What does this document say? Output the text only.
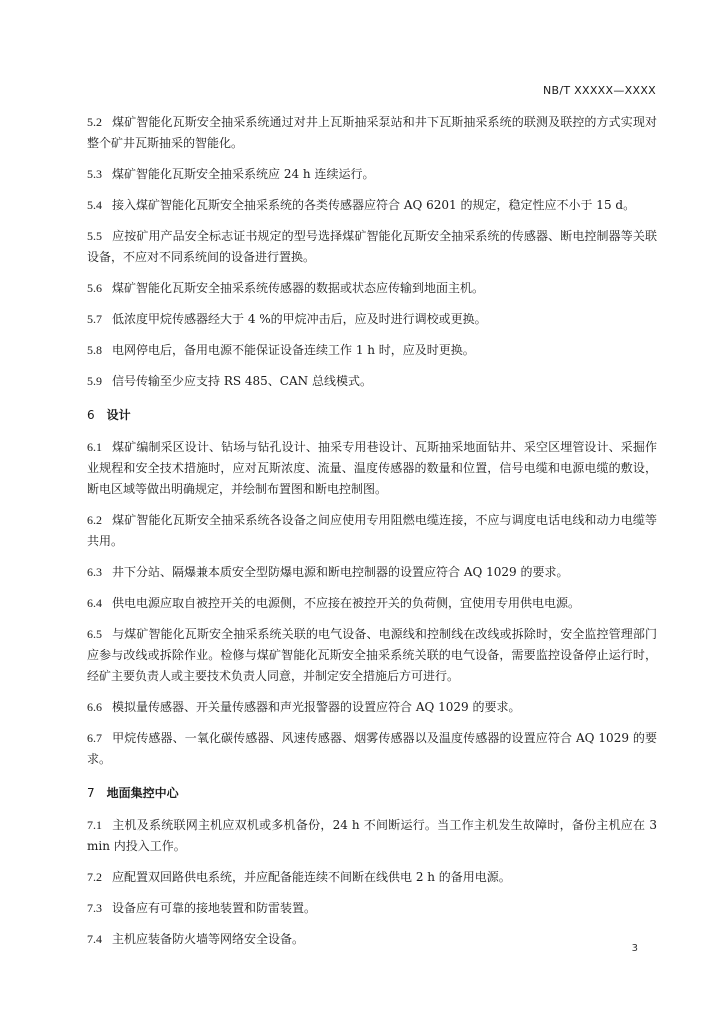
NB/T XXXXX—XXXX
5.2 煤矿智能化瓦斯安全抽采系统通过对井上瓦斯抽采泵站和井下瓦斯抽采系统的联测及联控的方式实现对整个矿井瓦斯抽采的智能化。
5.3 煤矿智能化瓦斯安全抽采系统应 24 h 连续运行。
5.4 接入煤矿智能化瓦斯安全抽采系统的各类传感器应符合 AQ 6201 的规定，稳定性应不小于 15 d。
5.5 应按矿用产品安全标志证书规定的型号选择煤矿智能化瓦斯安全抽采系统的传感器、断电控制器等关联设备，不应对不同系统间的设备进行置换。
5.6 煤矿智能化瓦斯安全抽采系统传感器的数据或状态应传输到地面主机。
5.7 低浓度甲烷传感器经大于 4 %的甲烷冲击后，应及时进行调校或更换。
5.8 电网停电后，备用电源不能保证设备连续工作 1 h 时，应及时更换。
5.9 信号传输至少应支持 RS 485、CAN 总线模式。
6 设计
6.1 煤矿编制采区设计、钻场与钻孔设计、抽采专用巷设计、瓦斯抽采地面钻井、采空区埋管设计、采掘作业规程和安全技术措施时，应对瓦斯浓度、流量、温度传感器的数量和位置，信号电缆和电源电缆的敷设，断电区域等做出明确规定，并绘制布置图和断电控制图。
6.2 煤矿智能化瓦斯安全抽采系统各设备之间应使用专用阻燃电缆连接，不应与调度电话电线和动力电缆等共用。
6.3 井下分站、隔爆兼本质安全型防爆电源和断电控制器的设置应符合 AQ 1029 的要求。
6.4 供电电源应取自被控开关的电源侧，不应接在被控开关的负荷侧，宜使用专用供电电源。
6.5 与煤矿智能化瓦斯安全抽采系统关联的电气设备、电源线和控制线在改线或拆除时，安全监控管理部门应参与改线或拆除作业。检修与煤矿智能化瓦斯安全抽采系统关联的电气设备，需要监控设备停止运行时，经矿主要负责人或主要技术负责人同意，并制定安全措施后方可进行。
6.6 模拟量传感器、开关量传感器和声光报警器的设置应符合 AQ 1029 的要求。
6.7 甲烷传感器、一氧化碳传感器、风速传感器、烟雾传感器以及温度传感器的设置应符合 AQ 1029 的要求。
7 地面集控中心
7.1 主机及系统联网主机应双机或多机备份，24 h 不间断运行。当工作主机发生故障时，备份主机应在 3 min 内投入工作。
7.2 应配置双回路供电系统，并应配备能连续不间断在线供电 2 h 的备用电源。
7.3 设备应有可靠的接地装置和防雷装置。
7.4 主机应装备防火墙等网络安全设备。
3
